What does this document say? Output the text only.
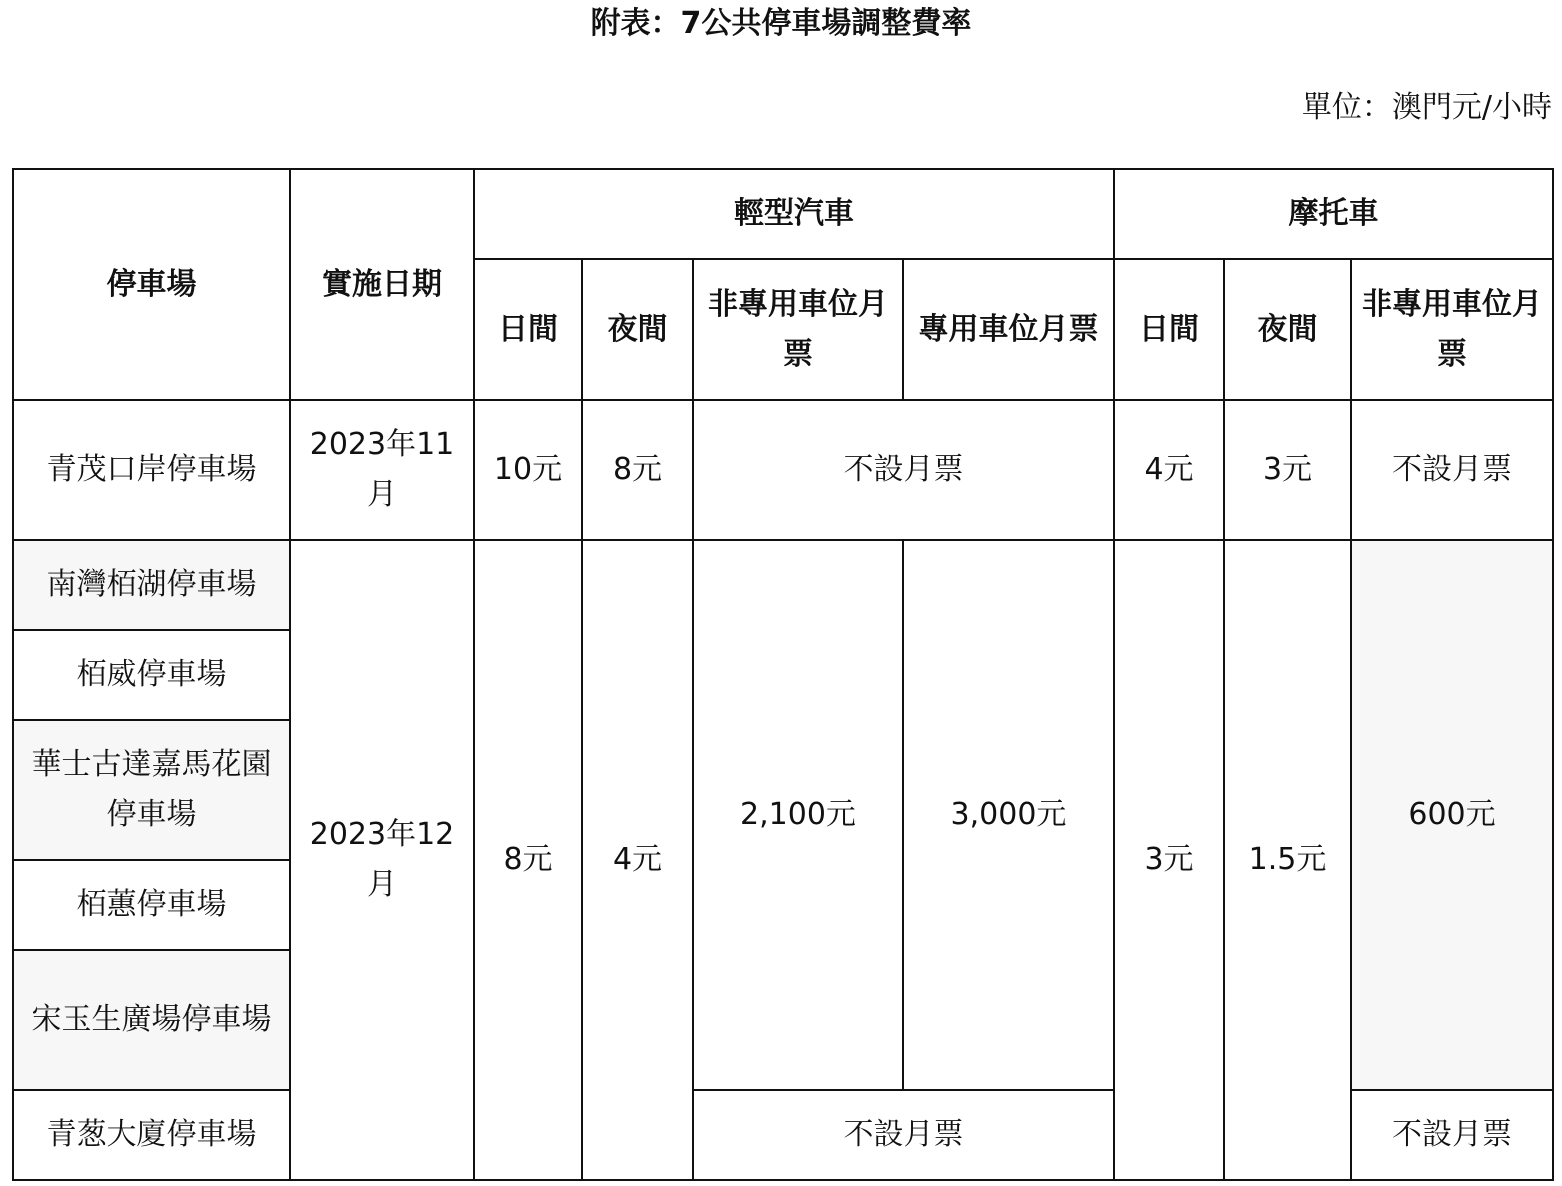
附表：7公共停車場調整費率
單位：澳門元/小時
停車場	實施日期	輕型汽車				摩托車		
		日間	夜間	非專用車位月票	專用車位月票	日間	夜間	非專用車位月票
青茂口岸停車場	2023年11月	10元	8元	不設月票		4元	3元	不設月票
南灣栢湖停車場	2023年12月	8元	4元	2,100元	3,000元	3元	1.5元	600元
栢威停車場								
華士古達嘉馬花園停車場								
栢蕙停車場								
宋玉生廣場停車場								
青葱大廈停車場				不設月票				不設月票
